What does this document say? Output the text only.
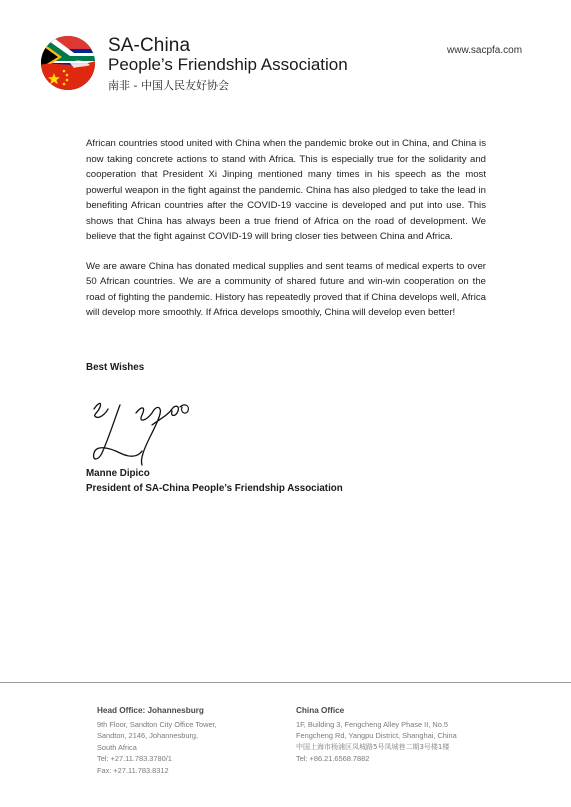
SA-China
People’s Friendship Association
南非 - 中国人民友好协会
www.sacpfa.com

African countries stood united with China when the pandemic broke out in China, and China is now taking concrete actions to stand with Africa. This is especially true for the solidarity and cooperation that President Xi Jinping mentioned many times in his speech as the most powerful weapon in the fight against the pandemic. China has also pledged to take the lead in benefiting African countries after the COVID-19 vaccine is developed and put into use. This shows that China has always been a true friend of Africa on the road of development. We believe that the fight against COVID-19 will bring closer ties between China and Africa.

We are aware China has donated medical supplies and sent teams of medical experts to over 50 African countries. We are a community of shared future and win-win cooperation on the road of fighting the pandemic. History has repeatedly proved that if China develops well, Africa will develop more smoothly. If Africa develops smoothly, China will develop even better!

Best Wishes
Manne Dipico
President of SA-China People’s Friendship Association
Head Office: Johannesburg
9th Floor, Sandton City Office Tower,
Sandton, 2146, Johannesburg,
South Africa
Tel: +27.11.783.3780/1
Fax: +27.11.783.8312
China Office
1F, Building 3, Fengcheng Alley Phase II, No.5
Fengcheng Rd, Yangpu District, Shanghai, China
中国上海市杨浦区凤城路5号凤城巷二期3号楼1楼
Tel: +86.21.6568.7882
